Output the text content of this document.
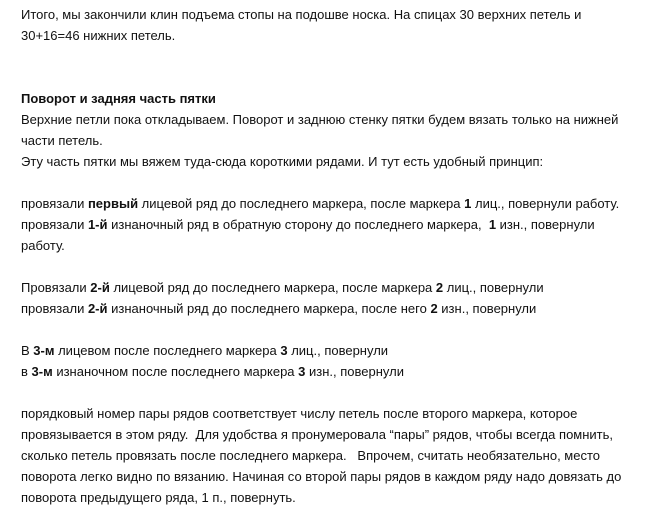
Итого, мы закончили клин подъема стопы на подошве носка. На спицах 30 верхних петель и
30+16=46 нижних петель.

Поворот и задняя часть пятки
Верхние петли пока откладываем. Поворот и заднюю стенку пятки будем вязать только на нижней
части петель.
Эту часть пятки мы вяжем туда-сюда короткими рядами. И тут есть удобный принцип:

провязали первый лицевой ряд до последнего маркера, после маркера 1 лиц., повернули работу.
провязали 1-й изнаночный ряд в обратную сторону до последнего маркера,  1 изн., повернули
работу.

Провязали 2-й лицевой ряд до последнего маркера, после маркера 2 лиц., повернули
провязали 2-й изнаночный ряд до последнего маркера, после него 2 изн., повернули

В 3-м лицевом после последнего маркера 3 лиц., повернули
в 3-м изнаночном после последнего маркера 3 изн., повернули

порядковый номер пары рядов соответствует числу петель после второго маркера, которое
провязывается в этом ряду.  Для удобства я пронумеровала “пары” рядов, чтобы всегда помнить,
сколько петель провязать после последнего маркера.   Впрочем, считать необязательно, место
поворота легко видно по вязанию. Начиная со второй пары рядов в каждом ряду надо довязать до
поворота предыдущего ряда, 1 п., повернуть.
